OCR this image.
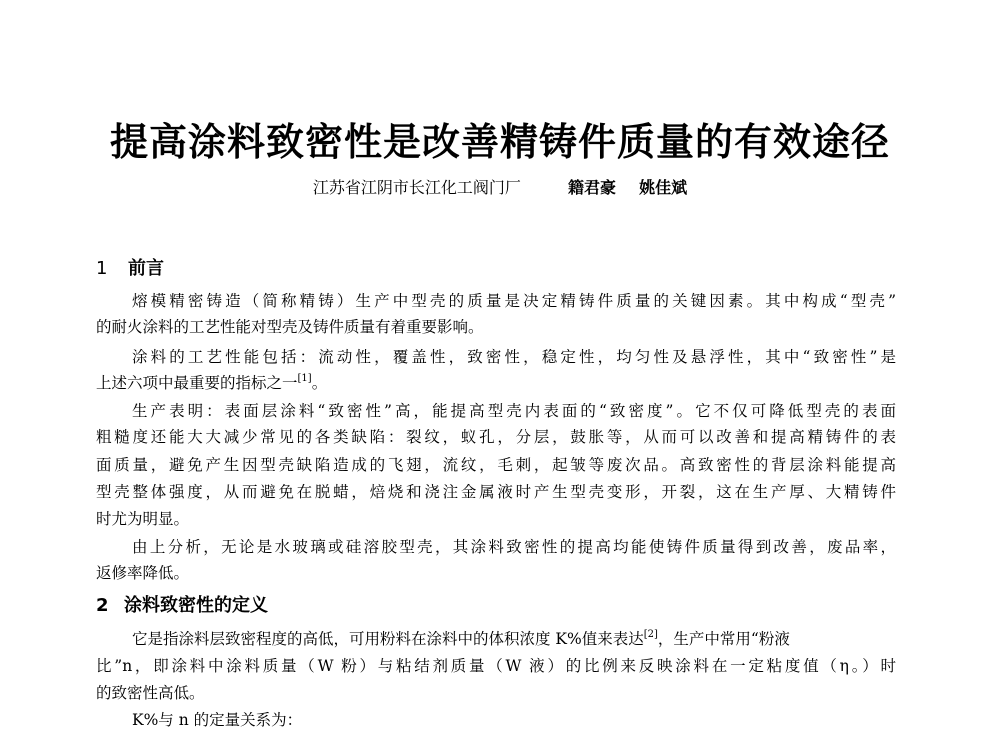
提高涂料致密性是改善精铸件质量的有效途径
江苏省江阴市长江化工阀门厂	籍君豪 姚佳斌
1 前言
熔模精密铸造（简称精铸）生产中型壳的质量是决定精铸件质量的关键因素。其中构成“型壳”
的耐火涂料的工艺性能对型壳及铸件质量有着重要影响。
涂料的工艺性能包括：流动性，覆盖性，致密性，稳定性，均匀性及悬浮性，其中“致密性”是
上述六项中最重要的指标之一[1]。
生产表明：表面层涂料“致密性”高，能提高型壳内表面的“致密度”。它不仅可降低型壳的表面
粗糙度还能大大减少常见的各类缺陷：裂纹，蚁孔，分层，鼓胀等，从而可以改善和提高精铸件的表
面质量，避免产生因型壳缺陷造成的飞翅，流纹，毛刺，起皱等废次品。高致密性的背层涂料能提高
型壳整体强度，从而避免在脱蜡，焙烧和浇注金属液时产生型壳变形，开裂，这在生产厚、大精铸件
时尤为明显。
由上分析，无论是水玻璃或硅溶胶型壳，其涂料致密性的提高均能使铸件质量得到改善，废品率，
返修率降低。
2 涂料致密性的定义
它是指涂料层致密程度的高低，可用粉料在涂料中的体积浓度 K%值来表达[2]，生产中常用“粉液
比”n，即涂料中涂料质量（W 粉）与粘结剂质量（W 液）的比例来反映涂料在一定粘度值（η。）时
的致密性高低。
K%与 n 的定量关系为：
